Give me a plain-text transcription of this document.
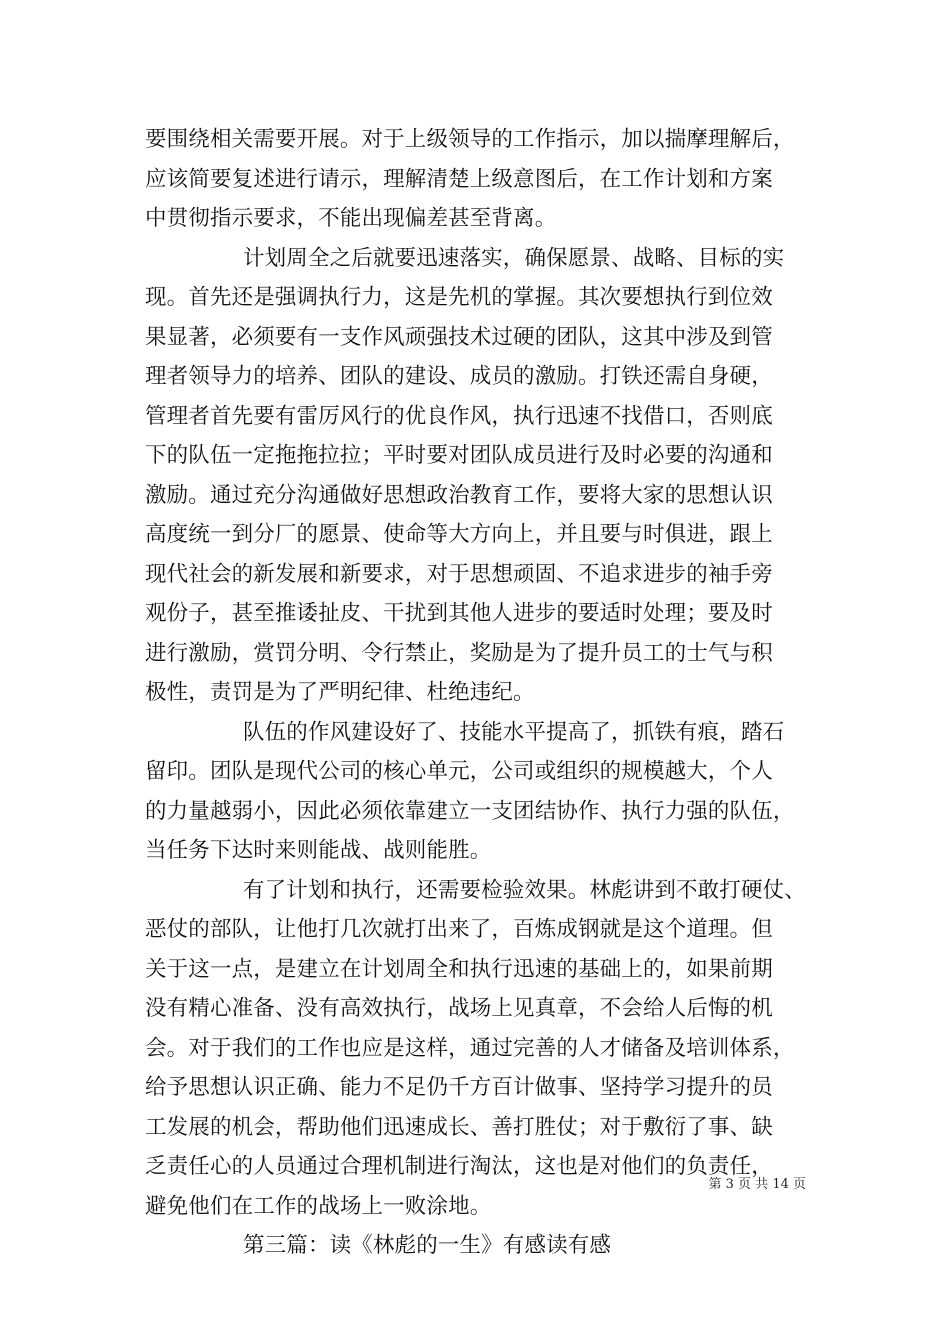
要围绕相关需要开展。对于上级领导的工作指示，加以揣摩理解后，
应该简要复述进行请示，理解清楚上级意图后，在工作计划和方案
中贯彻指示要求，不能出现偏差甚至背离。
计划周全之后就要迅速落实，确保愿景、战略、目标的实
现。首先还是强调执行力，这是先机的掌握。其次要想执行到位效
果显著，必须要有一支作风顽强技术过硬的团队，这其中涉及到管
理者领导力的培养、团队的建设、成员的激励。打铁还需自身硬，
管理者首先要有雷厉风行的优良作风，执行迅速不找借口，否则底
下的队伍一定拖拖拉拉；平时要对团队成员进行及时必要的沟通和
激励。通过充分沟通做好思想政治教育工作，要将大家的思想认识
高度统一到分厂的愿景、使命等大方向上，并且要与时俱进，跟上
现代社会的新发展和新要求，对于思想顽固、不追求进步的袖手旁
观份子，甚至推诿扯皮、干扰到其他人进步的要适时处理；要及时
进行激励，赏罚分明、令行禁止，奖励是为了提升员工的士气与积
极性，责罚是为了严明纪律、杜绝违纪。
队伍的作风建设好了、技能水平提高了，抓铁有痕，踏石
留印。团队是现代公司的核心单元，公司或组织的规模越大，个人
的力量越弱小，因此必须依靠建立一支团结协作、执行力强的队伍，
当任务下达时来则能战、战则能胜。
有了计划和执行，还需要检验效果。林彪讲到不敢打硬仗、
恶仗的部队，让他打几次就打出来了，百炼成钢就是这个道理。但
关于这一点，是建立在计划周全和执行迅速的基础上的，如果前期
没有精心准备、没有高效执行，战场上见真章，不会给人后悔的机
会。对于我们的工作也应是这样，通过完善的人才储备及培训体系，
给予思想认识正确、能力不足仍千方百计做事、坚持学习提升的员
工发展的机会，帮助他们迅速成长、善打胜仗；对于敷衍了事、缺
乏责任心的人员通过合理机制进行淘汰，这也是对他们的负责任，
避免他们在工作的战场上一败涂地。
第三篇：读《林彪的一生》有感读有感
第 3 页 共 14 页
